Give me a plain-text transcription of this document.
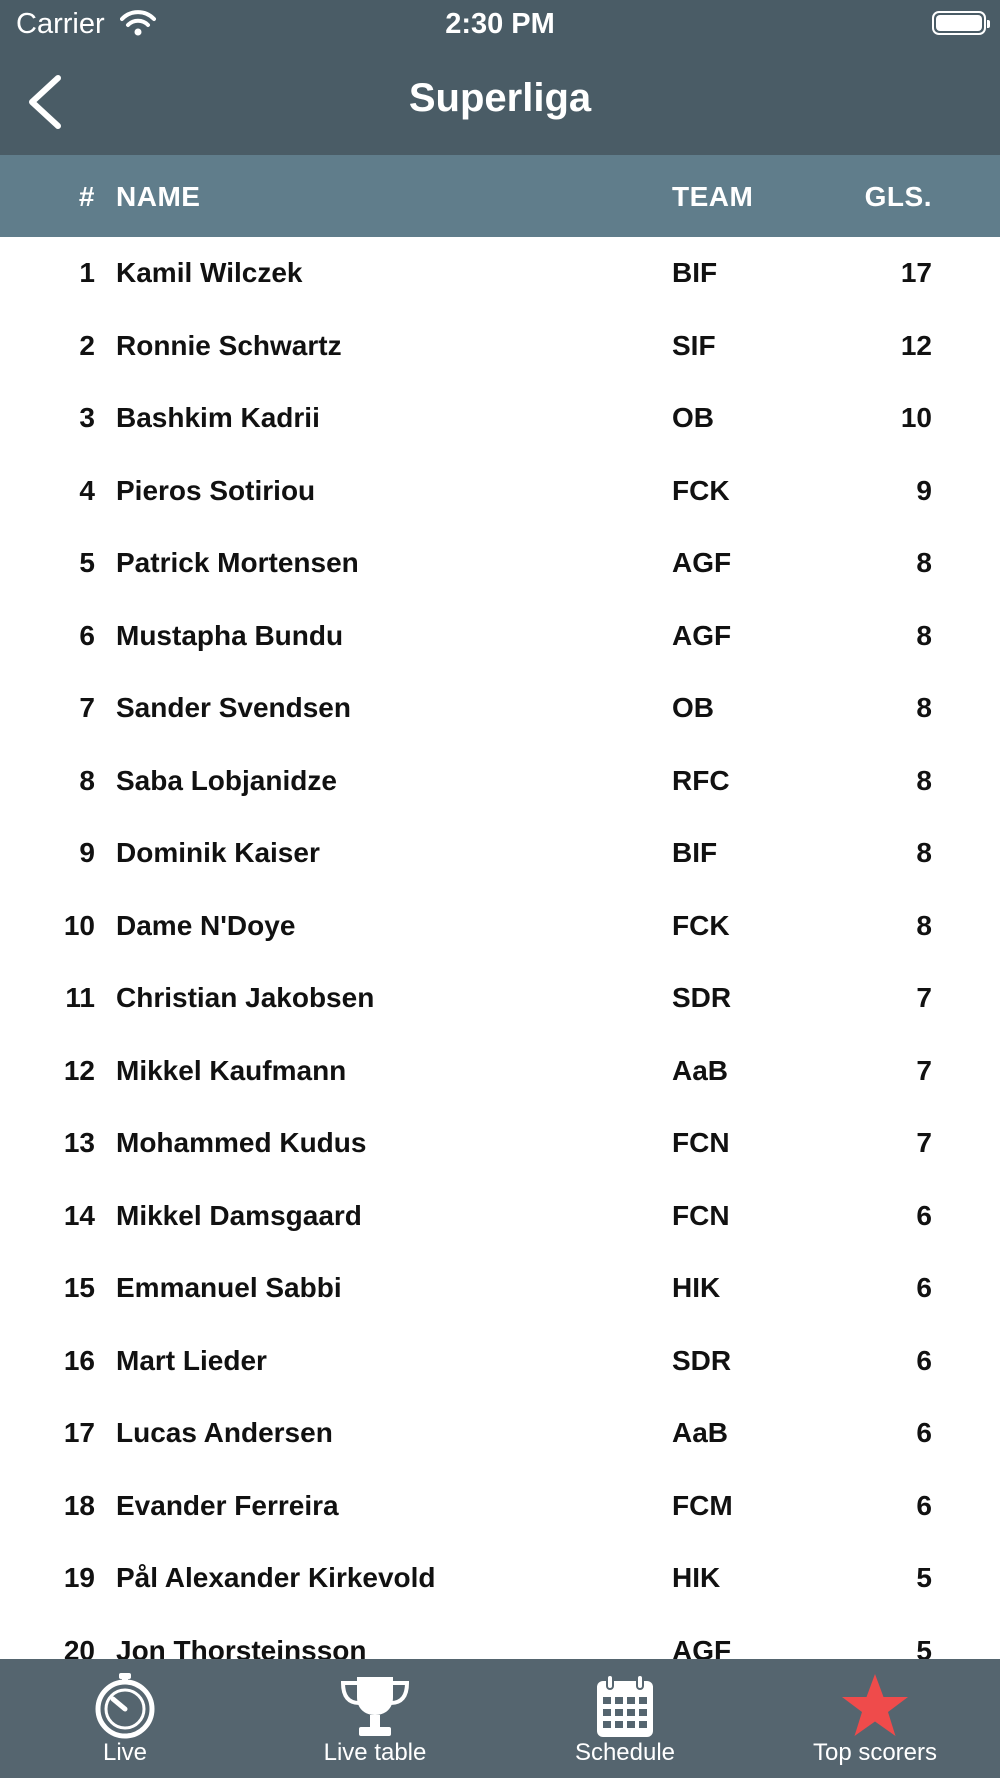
Carrier	2:30 PM
Superliga
# NAME	TEAM	GLS.
1 Kamil Wilczek	BIF	17
2 Ronnie Schwartz	SIF	12
3 Bashkim Kadrii	OB	10
4 Pieros Sotiriou	FCK	9
5 Patrick Mortensen	AGF	8
6 Mustapha Bundu	AGF	8
7 Sander Svendsen	OB	8
8 Saba Lobjanidze	RFC	8
9 Dominik Kaiser	BIF	8
10 Dame N'Doye	FCK	8
11 Christian Jakobsen	SDR	7
12 Mikkel Kaufmann	AaB	7
13 Mohammed Kudus	FCN	7
14 Mikkel Damsgaard	FCN	6
15 Emmanuel Sabbi	HIK	6
16 Mart Lieder	SDR	6
17 Lucas Andersen	AaB	6
18 Evander Ferreira	FCM	6
19 Pål Alexander Kirkevold	HIK	5
20 Jon Thorsteinsson	AGF	5
Live	Live table	Schedule	Top scorers
